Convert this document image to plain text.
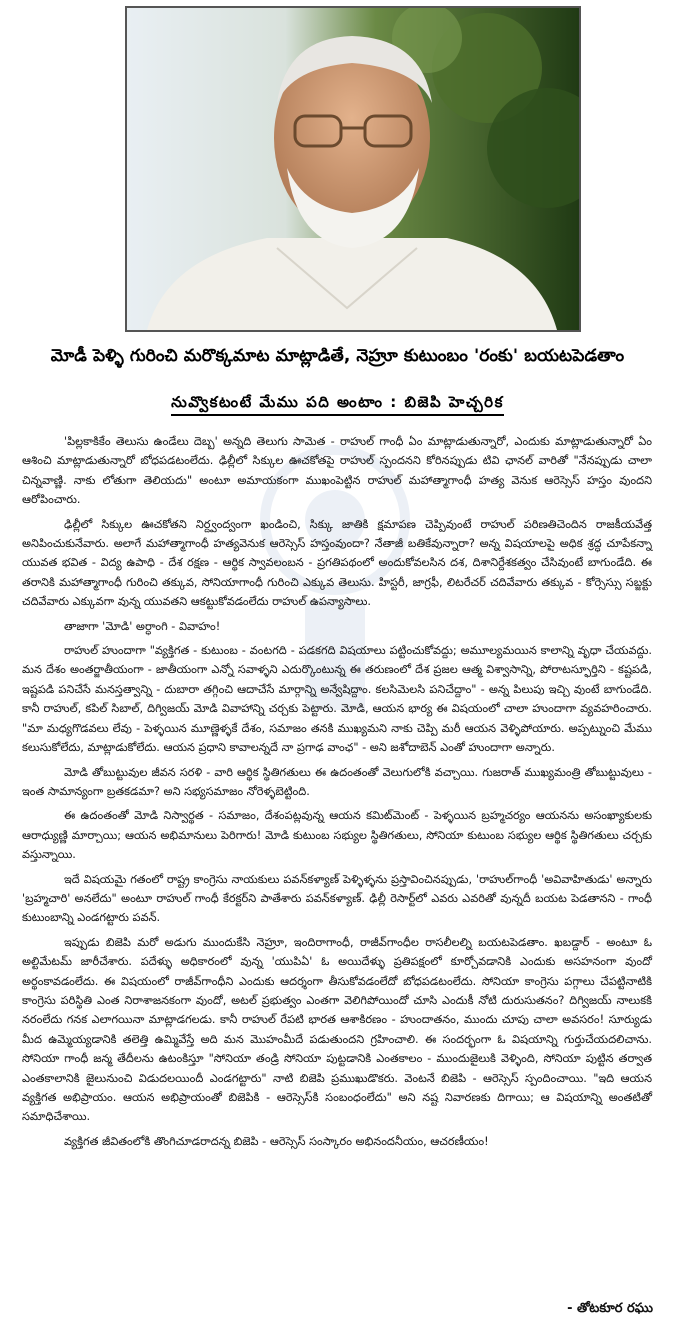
మోడీ పెళ్ళి గురించి మరొక్కమాట మాట్లాడితే, నెహ్రూ కుటుంబం 'రంకు' బయటపెడతాం
నువ్వొకటంటే మేము పది అంటాం : బిజెపి హెచ్చరిక

'పిల్లకాకికేం తెలుసు ఉండేలు దెబ్బ' అన్నది తెలుగు సామెత - రాహుల్ గాంధీ ఏం మాట్లాడుతున్నారో, ఎందుకు మాట్లాడుతున్నారో ఏం ఆశించి మాట్లాడుతున్నారో బోధపడటంలేదు. ఢిల్లీలో సిక్కుల ఊచకోతపై రాహుల్ స్పందనని కోరినప్పుడు టివి ఛానల్ వారితో "నేనప్పుడు చాలా చిన్నవాణ్ణి. నాకు లోతుగా తెలియదు" అంటూ అమాయకంగా ముఖంపెట్టిన రాహుల్ మహాత్మాగాంధీ హత్య వెనుక ఆరెస్సెస్ హస్తం వుందని ఆరోపించారు.

ఢిల్లీలో సిక్కుల ఊచకోతని నిర్ద్వంద్వంగా ఖండించి, సిక్కు జాతికి క్షమాపణ చెప్పివుంటే రాహుల్ పరిణతిచెందిన రాజకీయవేత్త అనిపించుకునేవారు. అలాగే మహాత్మాగాంధీ హత్యవెనుక ఆరెస్సెస్ హస్తంవుందా? నేతాజీ బతికేవున్నారా? అన్న విషయాలపై అధిక శ్రద్ధ చూపేకన్నా యువత భవిత - విద్య ఉపాధి - దేశ రక్షణ - ఆర్థిక స్వావలంబన - ప్రగతిపథంలో అందుకోవలసిన దశ, దిశానిర్దేశకత్వం చేసివుంటే బాగుండేది. ఈ తరానికి మహాత్మాగాంధీ గురించి తక్కువ, సోనియాగాంధీ గురించి ఎక్కువ తెలుసు. హిస్టరీ, జాగ్రఫీ, లిటరేచర్ చదివేవారు తక్కువ - కోర్సెస్సు సబ్జక్టు చదివేవారు ఎక్కువగా వున్న యువతని ఆకట్టుకోవడంలేదు రాహుల్ ఉపన్యాసాలు.

తాజాగా 'మోడి' అర్ధాంగి - వివాహం!

రాహుల్ హుందాగా "వ్యక్తిగత - కుటుంబ - వంటగది - పడకగది విషయాలు పట్టించుకోవద్దు; అమూల్యమయిన కాలాన్ని వృధా చేయవద్దు. మన దేశం అంతర్జాతీయంగా - జాతీయంగా ఎన్నో సవాళ్ళని ఎదుర్కొంటున్న ఈ తరుణంలో దేశ ప్రజల ఆత్మ విశ్వాసాన్ని, పోరాటస్ఫూర్తిని - కష్టపడి, ఇష్టపడి పనిచేసే మనస్తత్వాన్ని - దుబారా తగ్గించి ఆదాచేసే మార్గాన్ని అన్వేషిద్దాం. కలసిమెలసి పనిచేద్దాం" - అన్న పిలుపు ఇచ్చి వుంటే బాగుండేది. కానీ రాహుల్, కపిల్ సిబాల్, దిగ్విజయ్ మోడి వివాహాన్ని చర్చకు పెట్టారు. మోడి, ఆయన భార్య ఈ విషయంలో చాలా హుందాగా వ్యవహరించారు. "మా మధ్యగొడవలు లేవు - పెళ్ళయిన మూణ్ణెళ్ళకే దేశం, సమాజం తనకి ముఖ్యమని నాకు చెప్పి మరీ ఆయన వెళ్ళిపోయారు. అప్పట్నుంచి మేము కలుసుకోలేదు, మాట్లాడుకోలేదు. ఆయన ప్రధాని కావాలన్నదే నా ప్రగాఢ వాంఛ" - అని జశోదాబెన్ ఎంతో హుందాగా అన్నారు.

మోడి తోబుట్టువుల జీవన సరళి - వారి ఆర్థిక స్థితిగతులు ఈ ఉదంతంతో వెలుగులోకి వచ్చాయి. గుజరాత్ ముఖ్యమంత్రి తోబుట్టువులు - ఇంత సామాన్యంగా బ్రతకడమా? అని సభ్యసమాజం నోరెళ్ళబెట్టింది.

ఈ ఉదంతంతో మోడి నిస్వార్థత - సమాజం, దేశంపట్లవున్న ఆయన కమిట్‌మెంట్ - పెళ్ళయిన బ్రహ్మచర్యం ఆయనను అసంఖ్యాకులకు ఆరాధ్యుణ్ణి మార్చాయి; ఆయన అభిమానులు పెరిగారు! మోడి కుటుంబ సభ్యుల స్థితిగతులు, సోనియా కుటుంబ సభ్యుల ఆర్థిక స్థితిగతులు చర్చకు వస్తున్నాయి.

ఇదే విషయమై గతంలో రాష్ట్ర కాంగ్రెసు నాయకులు పవన్‌కళ్యాణ్ పెళ్ళిళ్ళను ప్రస్తావించినప్పుడు, 'రాహుల్‌గాంధీ 'అవివాహితుడు' అన్నారు 'బ్రహ్మచారి' అనలేదు" అంటూ రాహుల్ గాంధీ కేరక్టర్‌ని పాతేశారు పవన్‌కళ్యాణ్. ఢిల్లీ రెసార్ట్‌లో ఎవరు ఎవరితో వున్నదీ బయట పెడతానని - గాంధీ కుటుంబాన్ని ఎండగట్టారు పవన్.

ఇప్పుడు బిజెపి మరో అడుగు ముందుకేసి నెహ్రూ, ఇందిరాగాంధీ, రాజీవ్‌గాంధీల రాసలీలల్ని బయటపెడతాం. ఖబడ్దార్ - అంటూ ఓ అల్టిమేటమ్ జారీచేశారు. పదేళ్ళు అధికారంలో వున్న 'యుపిఏ' ఓ అయిదేళ్ళు ప్రతిపక్షంలో కూర్చోవడానికి ఎందుకు అసహనంగా వుందో అర్థంకావడంలేదు. ఈ విషయంలో రాజీవ్‌గాంధీని ఎందుకు ఆదర్శంగా తీసుకోవడంలేదో బోధపడటంలేదు. సోనియా కాంగ్రెసు పగ్గాలు చేపట్టినాటికి కాంగ్రెసు పరిస్థితి ఎంత నిరాశాజనకంగా వుందో, అటల్ ప్రభుత్వం ఎంతగా వెలిగిపోయిందో చూసి ఎందుకీ నోటి దురుసుతనం? దిగ్విజయ్ నాలుకకి నరంలేదు గనక ఎలాగయినా మాట్లాడగలడు. కానీ రాహుల్ రేపటి భారత ఆశాకిరణం - హుందాతనం, ముందు చూపు చాలా అవసరం! సూర్యుడు మీద ఉమ్మెయ్యడానికి తలెత్తి ఉమ్మివేస్తే అది మన మొహంమీదే పడుతుందని గ్రహించాలి. ఈ సందర్భంగా ఓ విషయాన్ని గుర్తుచేయదలిచాను. సోనియా గాంధీ జన్మ తేదీలను ఉటంకిస్తూ "సోనియా తండ్రి సోనియా పుట్టడానికి ఎంతకాలం - ముందుజైలుకి వెళ్ళింది, సోనియా పుట్టిన తర్వాత ఎంతకాలానికి జైలునుంచి విడుదలయిందీ ఎండగట్టారు" నాటి బిజెపి ప్రముఖుడొకరు. వెంటనే బిజెపి - ఆరెస్సెస్ స్పందించాయి. "ఇది ఆయన వ్యక్తిగత అభిప్రాయం. ఆయన అభిప్రాయంతో బిజెపికి - ఆరెస్సెస్‌కి సంబంధంలేదు" అని నష్ట నివారణకు దిగాయి; ఆ విషయాన్ని అంతటితో సమాధిచేశాయి.

వ్యక్తిగత జీవితంలోకి తొంగిచూడరాదన్న బిజెపి - ఆరెస్సెస్ సంస్కారం అభినందనీయం, ఆచరణీయం!

- తోటకూర రఘు
